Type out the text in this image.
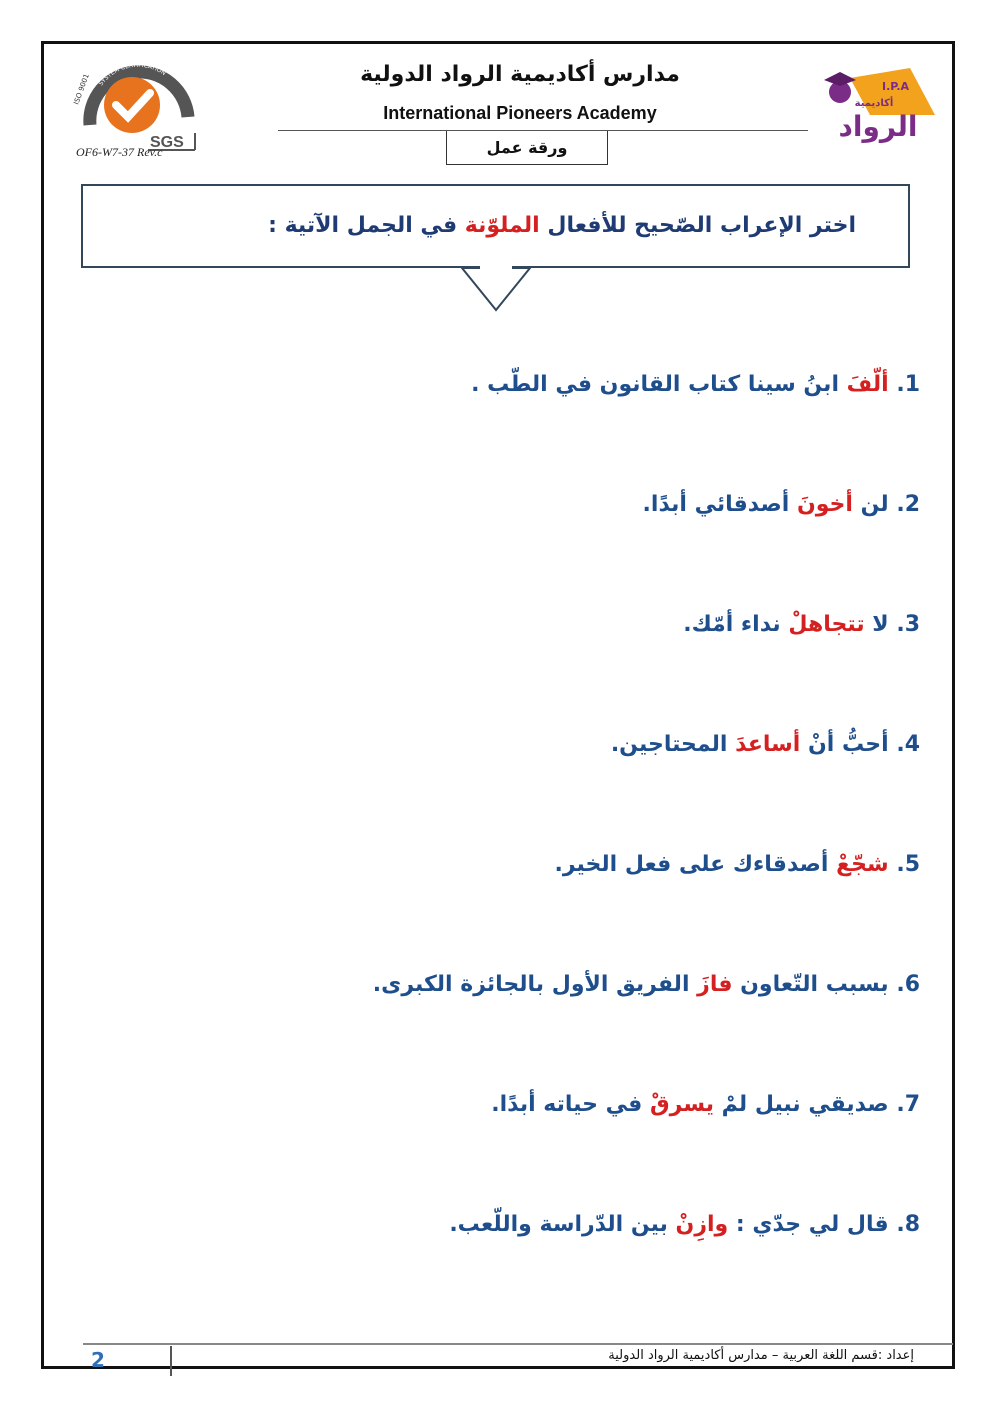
SYSTEM CERTIFICATION
ISO 9001
SGS
OF6-W7-37 Rev.c
مدارس أكاديمية الرواد الدولية
International Pioneers Academy
ورقة عمل
I.P.A
أكاديمية
الرواد
اختر الإعراب الصّحيح للأفعال الملوّنة في الجمل الآتية :
1. ألّفَ ابنُ سينا كتاب القانون في الطّب .
2. لن أخونَ أصدقائي أبدًا.
3. لا تتجاهلْ نداء أمّك.
4. أحبُّ أنْ أساعدَ المحتاجين.
5. شجّعْ أصدقاءك على فعل الخير.
6. بسبب التّعاون فازَ الفريق الأول بالجائزة الكبرى.
7. صديقي نبيل لمْ يسرقْ في حياته أبدًا.
8. قال لي جدّي : وازِنْ بين الدّراسة واللّعب.
2	إعداد :قسم اللغة العربية – مدارس أكاديمية الرواد الدولية
